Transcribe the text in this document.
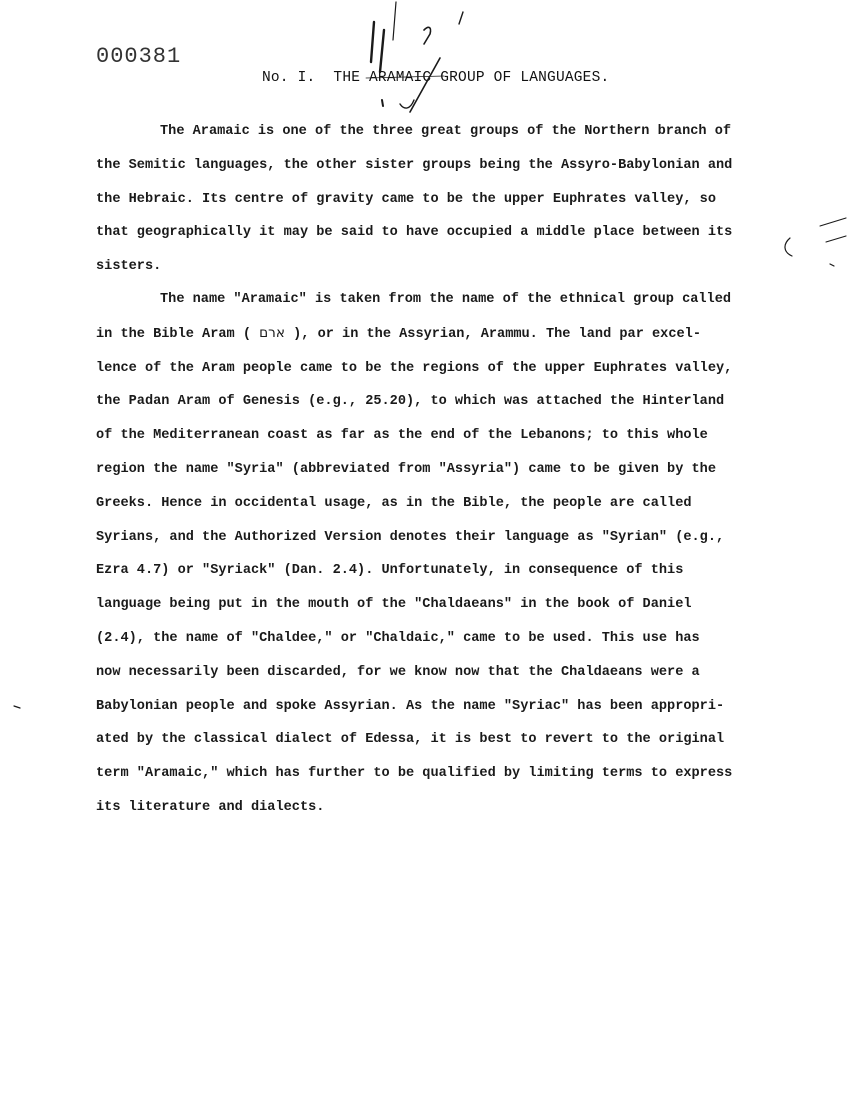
000381
No. I. THE ARAMAIC GROUP OF LANGUAGES.
The Aramaic is one of the three great groups of the Northern branch of
the Semitic languages, the other sister groups being the Assyro-Babylonian and
the Hebraic. Its centre of gravity came to be the upper Euphrates valley, so
that geographically it may be said to have occupied a middle place between its
sisters.
The name "Aramaic" is taken from the name of the ethnical group called
in the Bible Aram ( ארם ), or in the Assyrian, Arammu. The land par excel-
lence of the Aram people came to be the regions of the upper Euphrates valley,
the Padan Aram of Genesis (e.g., 25.20), to which was attached the Hinterland
of the Mediterranean coast as far as the end of the Lebanons; to this whole
region the name "Syria" (abbreviated from "Assyria") came to be given by the
Greeks. Hence in occidental usage, as in the Bible, the people are called
Syrians, and the Authorized Version denotes their language as "Syrian" (e.g.,
Ezra 4.7) or "Syriack" (Dan. 2.4). Unfortunately, in consequence of this
language being put in the mouth of the "Chaldaeans" in the book of Daniel
(2.4), the name of "Chaldee," or "Chaldaic," came to be used. This use has
now necessarily been discarded, for we know now that the Chaldaeans were a
Babylonian people and spoke Assyrian. As the name "Syriac" has been appropri-
ated by the classical dialect of Edessa, it is best to revert to the original
term "Aramaic," which has further to be qualified by limiting terms to express
its literature and dialects.
